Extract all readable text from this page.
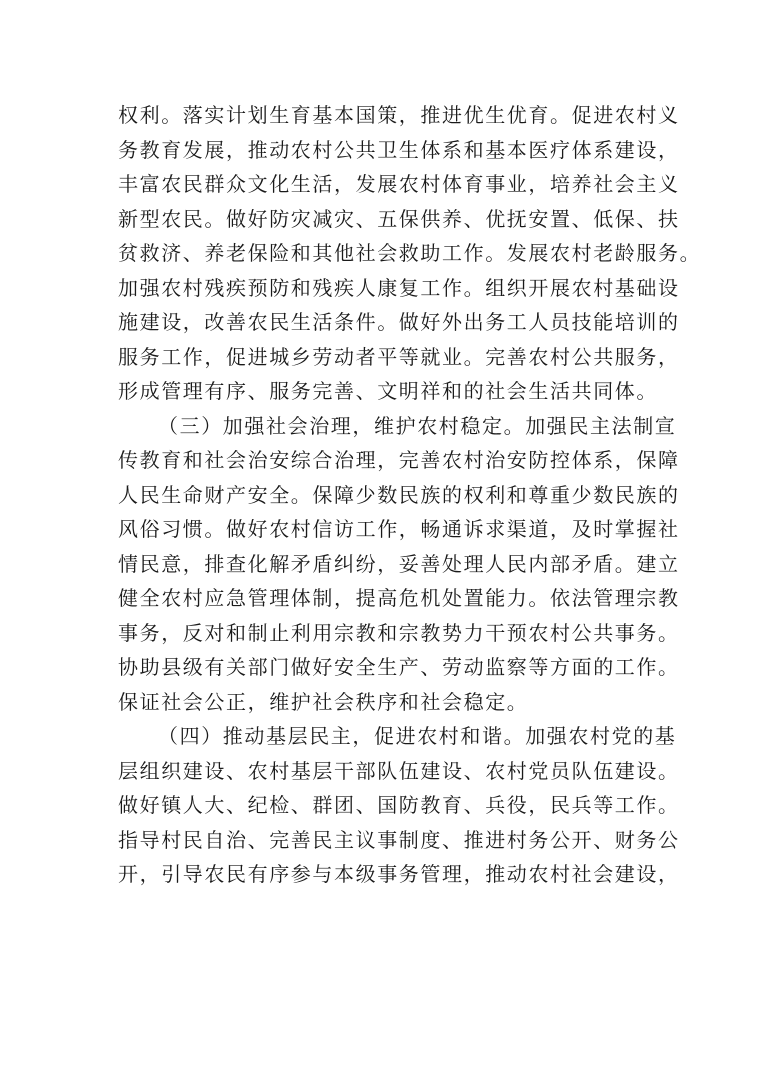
权利。落实计划生育基本国策，推进优生优育。促进农村义
务教育发展，推动农村公共卫生体系和基本医疗体系建设，
丰富农民群众文化生活，发展农村体育事业，培养社会主义
新型农民。做好防灾减灾、五保供养、优抚安置、低保、扶
贫救济、养老保险和其他社会救助工作。发展农村老龄服务。
加强农村残疾预防和残疾人康复工作。组织开展农村基础设
施建设，改善农民生活条件。做好外出务工人员技能培训的
服务工作，促进城乡劳动者平等就业。完善农村公共服务，
形成管理有序、服务完善、文明祥和的社会生活共同体。
（三）加强社会治理，维护农村稳定。加强民主法制宣
传教育和社会治安综合治理，完善农村治安防控体系，保障
人民生命财产安全。保障少数民族的权利和尊重少数民族的
风俗习惯。做好农村信访工作，畅通诉求渠道，及时掌握社
情民意，排查化解矛盾纠纷，妥善处理人民内部矛盾。建立
健全农村应急管理体制，提高危机处置能力。依法管理宗教
事务，反对和制止利用宗教和宗教势力干预农村公共事务。
协助县级有关部门做好安全生产、劳动监察等方面的工作。
保证社会公正，维护社会秩序和社会稳定。
（四）推动基层民主，促进农村和谐。加强农村党的基
层组织建设、农村基层干部队伍建设、农村党员队伍建设。
做好镇人大、纪检、群团、国防教育、兵役，民兵等工作。
指导村民自治、完善民主议事制度、推进村务公开、财务公
开，引导农民有序参与本级事务管理，推动农村社会建设，
